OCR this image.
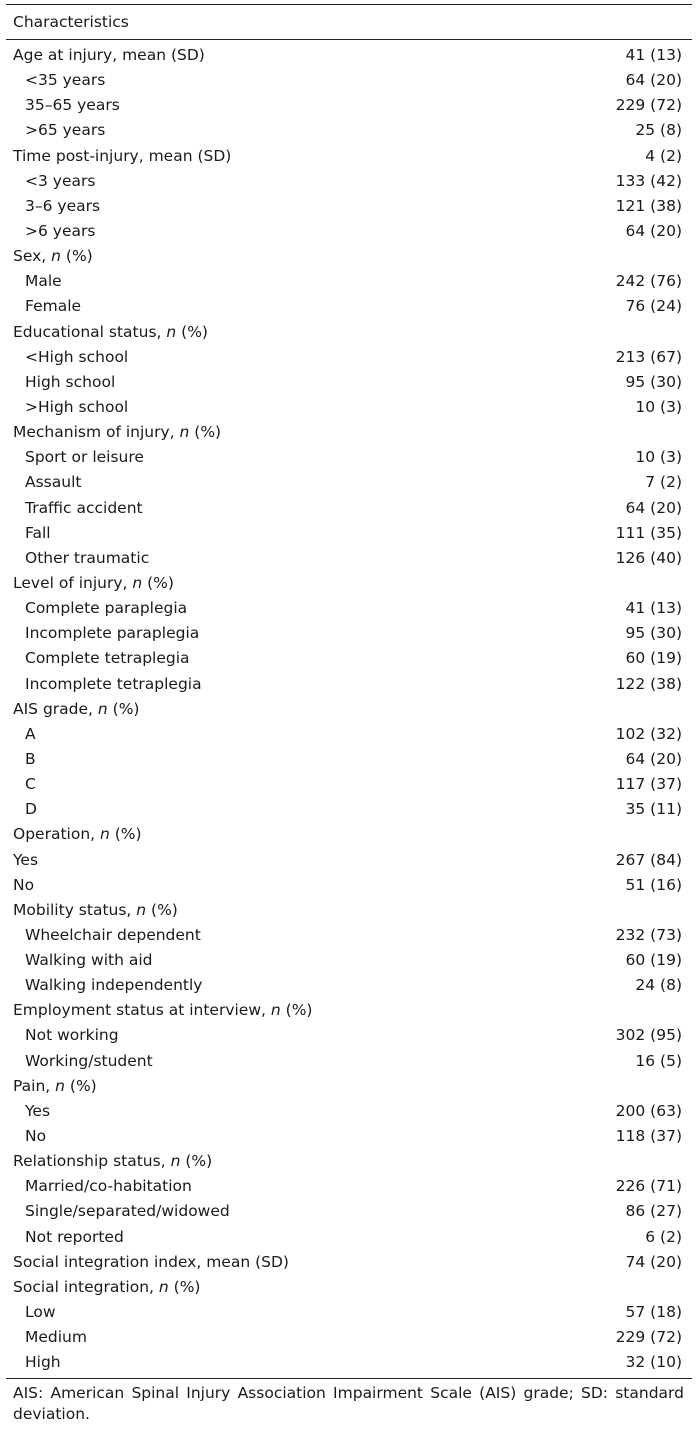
Characteristics
Age at injury, mean (SD)	41 (13)
<35 years	64 (20)
35–65 years	229 (72)
>65 years	25 (8)
Time post-injury, mean (SD)	4 (2)
<3 years	133 (42)
3–6 years	121 (38)
>6 years	64 (20)
Sex, n (%)
Male	242 (76)
Female	76 (24)
Educational status, n (%)
<High school	213 (67)
High school	95 (30)
>High school	10 (3)
Mechanism of injury, n (%)
Sport or leisure	10 (3)
Assault	7 (2)
Traffic accident	64 (20)
Fall	111 (35)
Other traumatic	126 (40)
Level of injury, n (%)
Complete paraplegia	41 (13)
Incomplete paraplegia	95 (30)
Complete tetraplegia	60 (19)
Incomplete tetraplegia	122 (38)
AIS grade, n (%)
A	102 (32)
B	64 (20)
C	117 (37)
D	35 (11)
Operation, n (%)
Yes	267 (84)
No	51 (16)
Mobility status, n (%)
Wheelchair dependent	232 (73)
Walking with aid	60 (19)
Walking independently	24 (8)
Employment status at interview, n (%)
Not working	302 (95)
Working/student	16 (5)
Pain, n (%)
Yes	200 (63)
No	118 (37)
Relationship status, n (%)
Married/co-habitation	226 (71)
Single/separated/widowed	86 (27)
Not reported	6 (2)
Social integration index, mean (SD)	74 (20)
Social integration, n (%)
Low	57 (18)
Medium	229 (72)
High	32 (10)
AIS: American Spinal Injury Association Impairment Scale (AIS) grade; SD: standard deviation.
